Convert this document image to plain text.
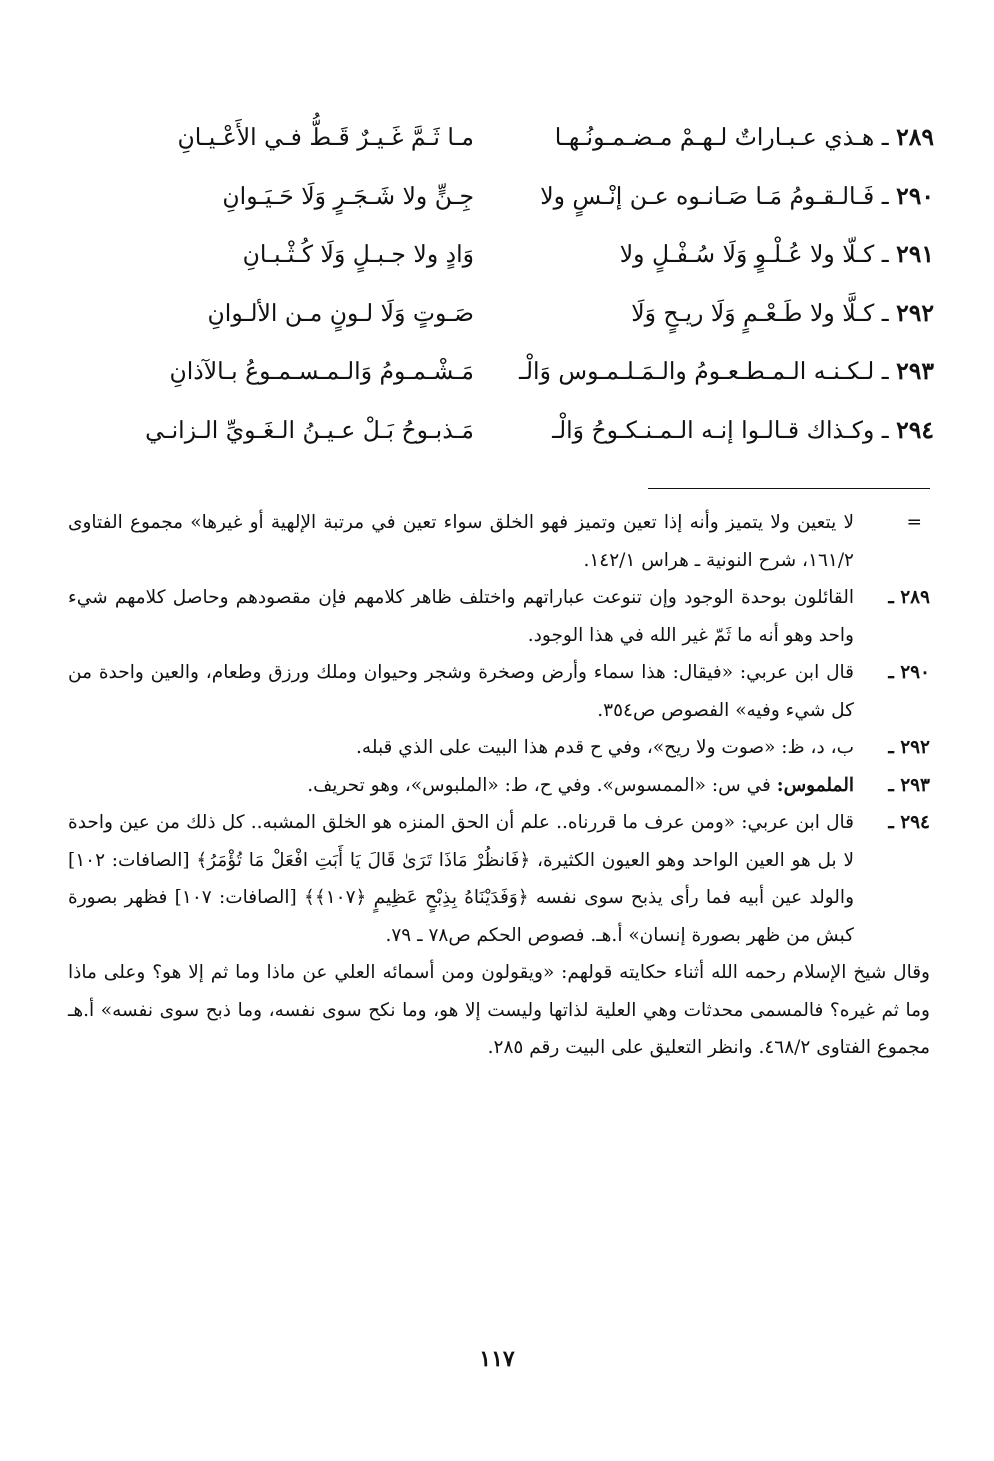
٢٨٩ ـ هـذي عـبـاراتٌ لـهـمْ مـضـمـونُـهـا
مـا ثَـمَّ غَـيـرٌ قَـطُّ فـي الأَعْـيـانِ
٢٩٠ ـ فَـالـقـومُ مَـا صَـانـوه عـن إنْـسٍ ولا
جِـنٍّ ولا شَـجَـرٍ وَلَا حَـيَـوانِ
٢٩١ ـ كـلّا ولا عُـلْـوٍ وَلَا سُـفْـلٍ ولا
وَادٍ ولا جـبـلٍ وَلَا كُـثْـبـانِ
٢٩٢ ـ كـلَّا ولا طَـعْـمٍ وَلَا ريـحٍ وَلَا
صَـوتٍ وَلَا لـونٍ مـن الألـوانِ
٢٩٣ ـ لـكـنـه الـمـطـعـومُ والـمَـلـمـوس وَالْـ
مَـشْـمـومُ وَالـمـسـمـوعُ بـالآذانِ
٢٩٤ ـ وكـذاك قـالـوا إنـه الـمـنـكـوحُ وَالْـ
مَـذبـوحُ بَـلْ عـيـنُ الـغَـويِّ الـزانـي
=
لا يتعين ولا يتميز وأنه إذا تعين وتميز فهو الخلق سواء تعين في مرتبة الإلهية أو غيرها» مجموع الفتاوى ١٦١/٢، شرح النونية ـ هراس ١٤٢/١.
٢٨٩ ـ
القائلون بوحدة الوجود وإن تنوعت عباراتهم واختلف ظاهر كلامهم فإن مقصودهم وحاصل كلامهم شيء واحد وهو أنه ما ثَمّ غير الله في هذا الوجود.
٢٩٠ ـ
قال ابن عربي: «فيقال: هذا سماء وأرض وصخرة وشجر وحيوان وملك ورزق وطعام، والعين واحدة من كل شيء وفيه» الفصوص ص٣٥٤.
٢٩٢ ـ
ب، د، ظ: «صوت ولا ريح»، وفي ح قدم هذا البيت على الذي قبله.
٢٩٣ ـ
الملموس: في س: «الممسوس». وفي ح، ط: «الملبوس»، وهو تحريف.
٢٩٤ ـ
قال ابن عربي: «ومن عرف ما قررناه.. علم أن الحق المنزه هو الخلق المشبه.. كل ذلك من عين واحدة لا بل هو العين الواحد وهو العيون الكثيرة، ﴿فَانظُرْ مَاذَا تَرَىٰ قَالَ يَا أَبَتِ افْعَلْ مَا تُؤْمَرُ﴾ [الصافات: ١٠٢] والولد عين أبيه فما رأى يذبح سوى نفسه ﴿وَفَدَيْنَاهُ بِذِبْحٍ عَظِيمٍ ﴿١٠٧﴾﴾ [الصافات: ١٠٧] فظهر بصورة كبش من ظهر بصورة إنسان» أ.هـ. فصوص الحكم ص٧٨ ـ ٧٩.
وقال شيخ الإسلام رحمه الله أثناء حكايته قولهم: «ويقولون ومن أسمائه العلي عن ماذا وما ثم إلا هو؟ وعلى ماذا وما ثم غيره؟ فالمسمى محدثات وهي العلية لذاتها وليست إلا هو، وما نكح سوى نفسه، وما ذبح سوى نفسه» أ.هـ مجموع الفتاوى ٤٦٨/٢. وانظر التعليق على البيت رقم ٢٨٥.
١١٧
